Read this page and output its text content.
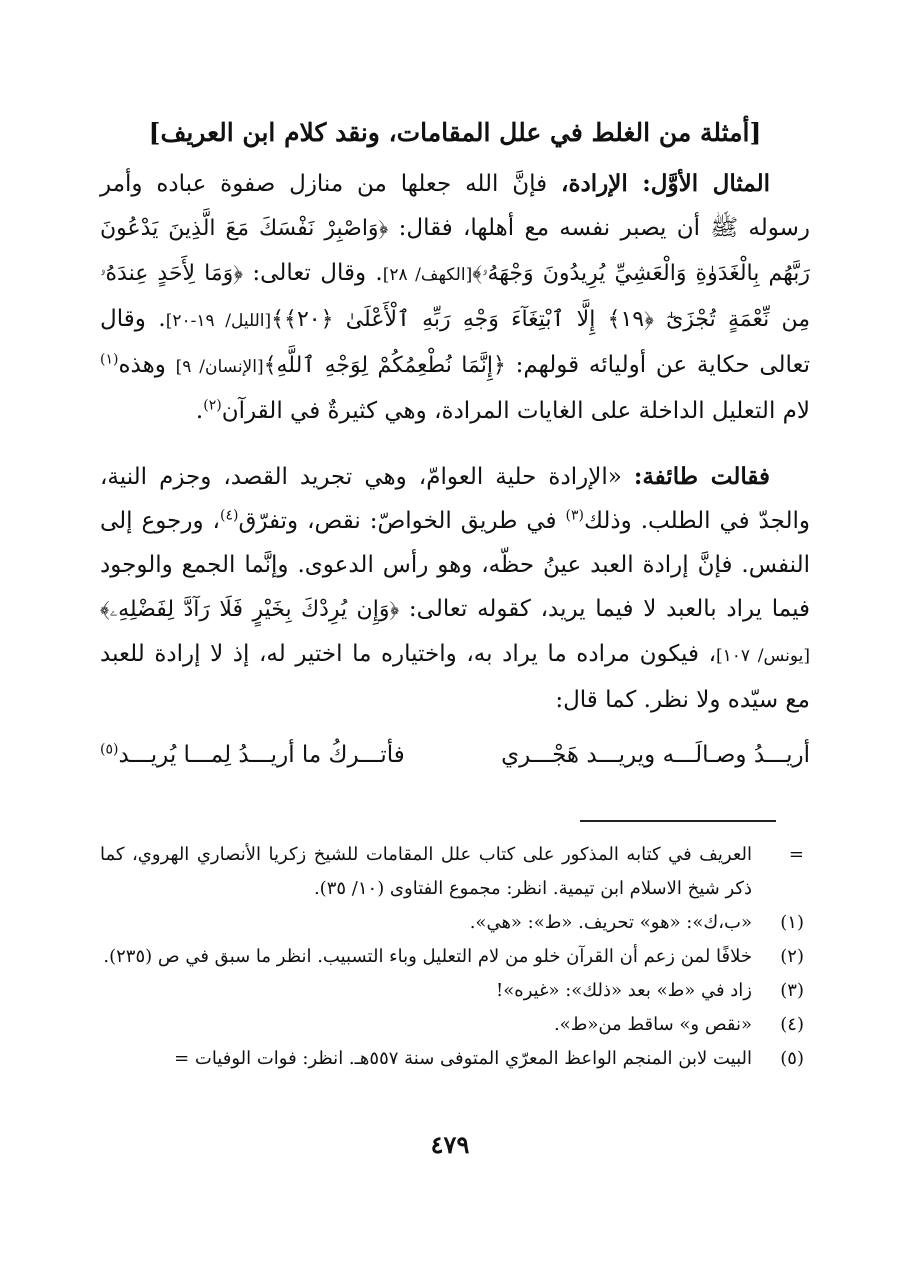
[أمثلة من الغلط في علل المقامات، ونقد كلام ابن العريف]

المثال الأوَّل: الإرادة، فإنَّ الله جعلها من منازل صفوة عباده وأمر رسوله ﷺ أن يصبر نفسه مع أهلها، فقال: ﴿وَاصْبِرْ نَفْسَكَ مَعَ الَّذِينَ يَدْعُونَ رَبَّهُم بِالْغَدَوٰةِ وَالْعَشِيِّ يُرِيدُونَ وَجْهَهُۥ﴾[الكهف/ ٢٨]. وقال تعالى: ﴿وَمَا لِأَحَدٍ عِندَهُۥ مِن نِّعْمَةٍ تُجْزَىٰٓ ﴿١٩﴾ إِلَّا ٱبْتِغَآءَ وَجْهِ رَبِّهِ ٱلْأَعْلَىٰ ﴿٢٠﴾﴾[الليل/ ١٩-٢٠]. وقال تعالى حكاية عن أوليائه قولهم: ﴿إِنَّمَا نُطْعِمُكُمْ لِوَجْهِ ٱللَّهِ﴾[الإنسان/ ٩] وهذه$^{(١)}$ لام التعليل الداخلة على الغايات المرادة، وهي كثيرةٌ في القرآن$^{(٢)}$.

فقالت طائفة: «الإرادة حلية العوامّ، وهي تجريد القصد، وجزم النية، والجدّ في الطلب. وذلك$^{(٣)}$ في طريق الخواصّ: نقص، وتفرّق$^{(٤)}$، ورجوع إلى النفس. فإنَّ إرادة العبد عينُ حظّه، وهو رأس الدعوى. وإنَّما الجمع والوجود فيما يراد بالعبد لا فيما يريد، كقوله تعالى: ﴿وَإِن يُرِدْكَ بِخَيْرٍ فَلَا رَآدَّ لِفَضْلِهِۦ﴾[يونس/ ١٠٧]، فيكون مراده ما يراد به، واختياره ما اختير له، إذ لا إرادة للعبد مع سيّده ولا نظر. كما قال:

أريـــدُ وصـالَـــه ويريـــد هَجْـــري
فأتـــركُ ما أريـــدُ لِمـــا يُريـــد$^{(٥)}$
=
العريف في كتابه المذكور على كتاب علل المقامات للشيخ زكريا الأنصاري الهروي، كما ذكر شيخ الاسلام ابن تيمية. انظر: مجموع الفتاوى (١٠/ ٣٥).
(١)
«ب،ك»: «هو» تحريف. «ط»: «هي».
(٢)
خلافًا لمن زعم أن القرآن خلو من لام التعليل وباء التسبيب. انظر ما سبق في ص (٢٣٥).
(٣)
زاد في «ط» بعد «ذلك»: «غيره»!
(٤)
«نقص و» ساقط من«ط».
(٥)
البيت لابن المنجم الواعظ المعرّي المتوفى سنة ٥٥٧هـ. انظر: فوات الوفيات =
٤٧٩
